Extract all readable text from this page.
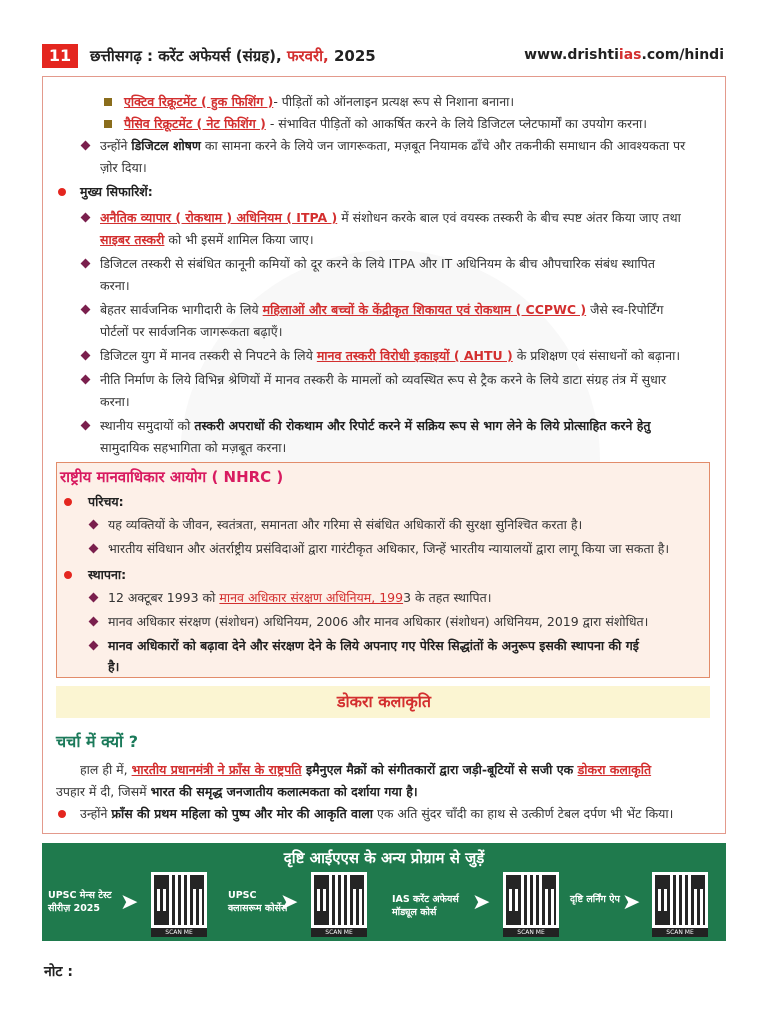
11	छत्तीसगढ़ : करेंट अफेयर्स (संग्रह), फरवरी, 2025	www.drishtiias.com/hindi
एक्टिव रिक्रूटमेंट ( हुक फिशिंग )- पीड़ितों को ऑनलाइन प्रत्यक्ष रूप से निशाना बनाना।
पैसिव रिक्रूटमेंट ( नेट फिशिंग ) - संभावित पीड़ितों को आकर्षित करने के लिये डिजिटल प्लेटफार्मों का उपयोग करना।
उन्होंने डिजिटल शोषण का सामना करने के लिये जन जागरूकता, मज़बूत नियामक ढाँचे और तकनीकी समाधान की आवश्यकता पर
ज़ोर दिया।
मुख्य सिफारिशें:
अनैतिक व्यापार ( रोकथाम ) अधिनियम ( ITPA ) में संशोधन करके बाल एवं वयस्क तस्करी के बीच स्पष्ट अंतर किया जाए तथा
साइबर तस्करी को भी इसमें शामिल किया जाए।
डिजिटल तस्करी से संबंधित कानूनी कमियों को दूर करने के लिये ITPA और IT अधिनियम के बीच औपचारिक संबंध स्थापित
करना।
बेहतर सार्वजनिक भागीदारी के लिये महिलाओं और बच्चों के केंद्रीकृत शिकायत एवं रोकथाम ( CCPWC ) जैसे स्व-रिपोर्टिंग
पोर्टलों पर सार्वजनिक जागरूकता बढ़ाएँ।
डिजिटल युग में मानव तस्करी से निपटने के लिये मानव तस्करी विरोधी इकाइयों ( AHTU ) के प्रशिक्षण एवं संसाधनों को बढ़ाना।
नीति निर्माण के लिये विभिन्न श्रेणियों में मानव तस्करी के मामलों को व्यवस्थित रूप से ट्रैक करने के लिये डाटा संग्रह तंत्र में सुधार
करना।
स्थानीय समुदायों को तस्करी अपराधों की रोकथाम और रिपोर्ट करने में सक्रिय रूप से भाग लेने के लिये प्रोत्साहित करने हेतु
सामुदायिक सहभागिता को मज़बूत करना।
राष्ट्रीय मानवाधिकार आयोग ( NHRC )
परिचय:
यह व्यक्तियों के जीवन, स्वतंत्रता, समानता और गरिमा से संबंधित अधिकारों की सुरक्षा सुनिश्चित करता है।
भारतीय संविधान और अंतर्राष्ट्रीय प्रसंविदाओं द्वारा गारंटीकृत अधिकार, जिन्हें भारतीय न्यायालयों द्वारा लागू किया जा सकता है।
स्थापना:
12 अक्टूबर 1993 को मानव अधिकार संरक्षण अधिनियम, 1993 के तहत स्थापित।
मानव अधिकार संरक्षण (संशोधन) अधिनियम, 2006 और मानव अधिकार (संशोधन) अधिनियम, 2019 द्वारा संशोधित।
मानव अधिकारों को बढ़ावा देने और संरक्षण देने के लिये अपनाए गए पेरिस सिद्धांतों के अनुरूप इसकी स्थापना की गई
है।
डोकरा कलाकृति
चर्चा में क्यों ?
हाल ही में, भारतीय प्रधानमंत्री ने फ्राँस के राष्ट्रपति इमैनुएल मैक्रों को संगीतकारों द्वारा जड़ी-बूटियों से सजी एक डोकरा कलाकृति
उपहार में दी, जिसमें भारत की समृद्ध जनजातीय कलात्मकता को दर्शाया गया है।
उन्होंने फ्राँस की प्रथम महिला को पुष्प और मोर की आकृति वाला एक अति सुंदर चाँदी का हाथ से उत्कीर्ण टेबल दर्पण भी भेंट किया।
दृष्टि आईएएस के अन्य प्रोग्राम से जुड़ें
UPSC मेन्स टेस्ट सीरीज़ 2025 ➤
SCAN ME
UPSC क्लासरूम कोर्सेस
➤
SCAN ME
IAS करेंट अफेयर्स मॉड्यूल कोर्स	➤
SCAN ME
दृष्टि लर्निंग ऐप ➤
SCAN ME
नोट :
